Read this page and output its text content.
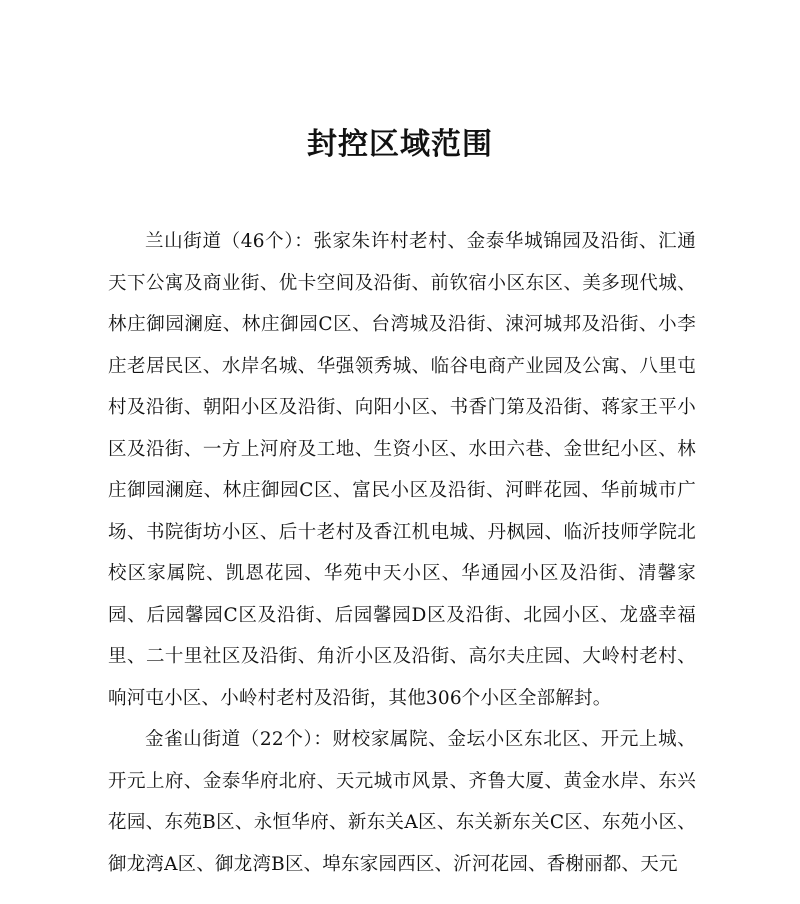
封控区域范围

兰山街道（46个）：张家朱许村老村、金泰华城锦园及沿街、汇通天下公寓及商业街、优卡空间及沿街、前钦宿小区东区、美多现代城、林庄御园澜庭、林庄御园C区、台湾城及沿街、涑河城邦及沿街、小李庄老居民区、水岸名城、华强领秀城、临谷电商产业园及公寓、八里屯村及沿街、朝阳小区及沿街、向阳小区、书香门第及沿街、蒋家王平小区及沿街、一方上河府及工地、生资小区、水田六巷、金世纪小区、林庄御园澜庭、林庄御园C区、富民小区及沿街、河畔花园、华前城市广场、书院街坊小区、后十老村及香江机电城、丹枫园、临沂技师学院北校区家属院、凯恩花园、华苑中天小区、华通园小区及沿街、清馨家园、后园馨园C区及沿街、后园馨园D区及沿街、北园小区、龙盛幸福里、二十里社区及沿街、角沂小区及沿街、高尔夫庄园、大岭村老村、响河屯小区、小岭村老村及沿街，其他306个小区全部解封。

金雀山街道（22个）：财校家属院、金坛小区东北区、开元上城、开元上府、金泰华府北府、天元城市风景、齐鲁大厦、黄金水岸、东兴花园、东苑B区、永恒华府、新东关A区、东关新东关C区、东苑小区、御龙湾A区、御龙湾B区、埠东家园西区、沂河花园、香榭丽都、天元
